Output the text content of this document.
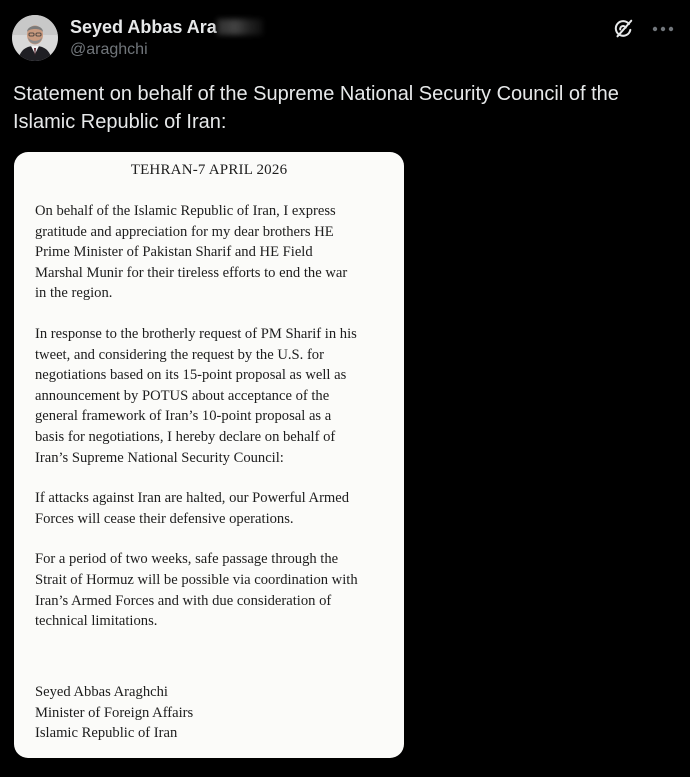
Seyed Abbas Ara
@araghchi
Statement on behalf of the Supreme National Security Council of the Islamic Republic of Iran:
TEHRAN-7 APRIL 2026

On behalf of the Islamic Republic of Iran, I express
gratitude and appreciation for my dear brothers HE
Prime Minister of Pakistan Sharif and HE Field
Marshal Munir for their tireless efforts to end the war
in the region.

In response to the brotherly request of PM Sharif in his
tweet, and considering the request by the U.S. for
negotiations based on its 15-point proposal as well as
announcement by POTUS about acceptance of the
general framework of Iran’s 10-point proposal as a
basis for negotiations, I hereby declare on behalf of
Iran’s Supreme National Security Council:

If attacks against Iran are halted, our Powerful Armed
Forces will cease their defensive operations.

For a period of two weeks, safe passage through the
Strait of Hormuz will be possible via coordination with
Iran’s Armed Forces and with due consideration of
technical limitations.

Seyed Abbas Araghchi
Minister of Foreign Affairs
Islamic Republic of Iran
